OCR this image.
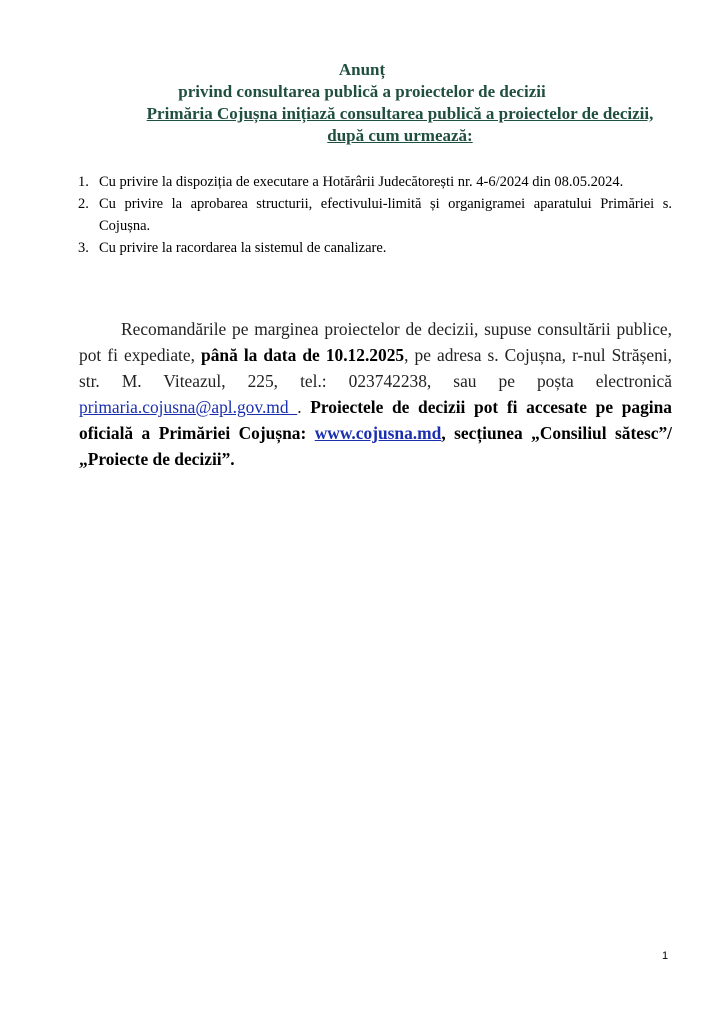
Anunț
privind consultarea publică a proiectelor de decizii
Primăria Cojușna inițiază consultarea publică a proiectelor de decizii, după cum urmează:
1. Cu privire la dispoziția de executare a Hotărârii Judecătorești nr. 4-6/2024 din 08.05.2024.
2. Cu privire la aprobarea structurii, efectivului-limită și organigramei aparatului Primăriei s. Cojușna.
3. Cu privire la racordarea la sistemul de canalizare.
Recomandările pe marginea proiectelor de decizii, supuse consultării publice, pot fi expediate, până la data de 10.12.2025, pe adresa s. Cojușna, r-nul Strășeni, str. M. Viteazul, 225, tel.: 023742238, sau pe poșta electronică primaria.cojusna@apl.gov.md . Proiectele de decizii pot fi accesate pe pagina oficială a Primăriei Cojușna: www.cojusna.md, secțiunea „Consiliul sătesc”/„Proiecte de decizii”.
1
